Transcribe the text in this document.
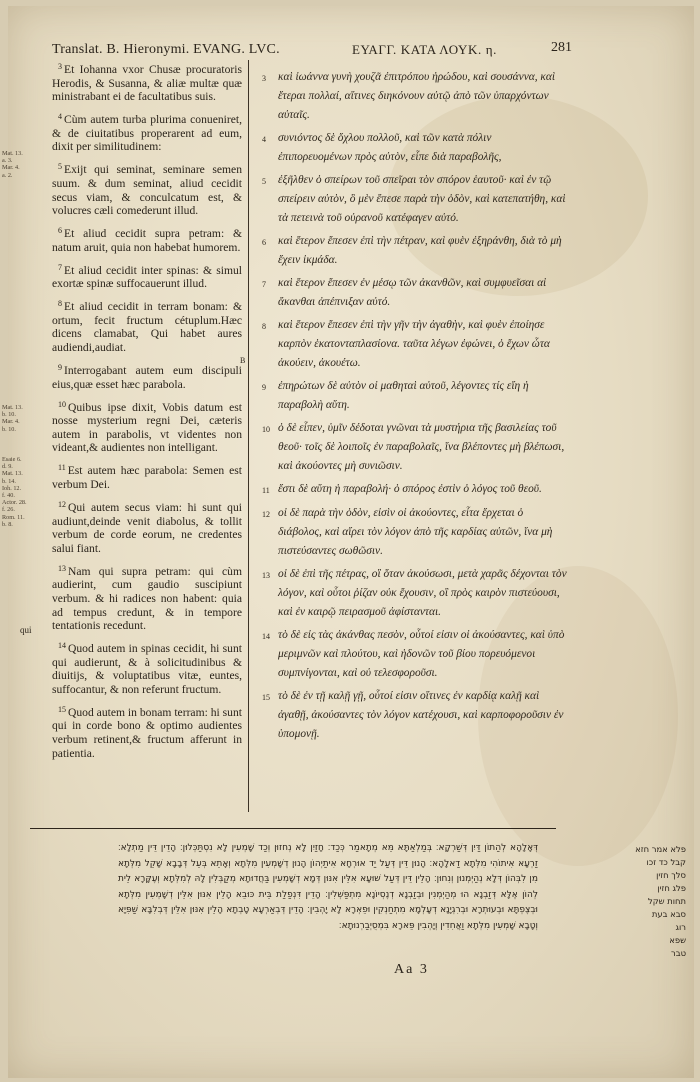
Translat. B. Hieronymi. EVANG. LVC.	ΕΥΑΓΓ. ΚΑΤΑ ΛΟΥΚ. η.	281
Mat. 13.
a. 3.
Mar. 4.
a. 2.
Mat. 13.
b. 10.
Mar. 4.
b. 10.
Esaie 6.
d. 9.
Mat. 13.
b. 14.
Ioh. 12.
f. 40.
Actor. 28.
f. 26.
Rom. 11.
b. 8.
qui
B

$^3$ Et Iohanna vxor Chusæ procuratoris Herodis, & Susanna, & aliæ multæ quæ ministrabant ei de facultatibus suis.

$^4$ Cùm autem turba plurima conueniret, & de ciuitatibus properarent ad eum, dixit per similitudinem:

$^5$ Exijt qui seminat, seminare semen suum. & dum seminat, aliud cecidit secus viam, & conculcatum est, & volucres cæli comederunt illud.

$^6$ Et aliud cecidit supra petram: & natum aruit, quia non habebat humorem.

$^7$ Et aliud cecidit inter spinas: & simul exortæ spinæ suffocauerunt illud.

$^8$ Et aliud cecidit in terram bonam: & ortum, fecit fructum cétuplum.Hæc dicens clamabat, Qui habet aures audiendi,audiat.

$^9$ Interrogabant autem eum discipuli eius,quæ esset hæc parabola.

$^{10}$ Quibus ipse dixit, Vobis datum est nosse mysterium regni Dei, cæteris autem in parabolis, vt videntes non videant,& audientes non intelligant.

$^{11}$ Est autem hæc parabola: Semen est verbum Dei.

$^{12}$ Qui autem secus viam: hi sunt qui audiunt,deinde venit diabolus, & tollit verbum de corde eorum, ne credentes salui fiant.

$^{13}$ Nam qui supra petram: qui cùm audierint, cum gaudio suscipiunt verbum. & hi radices non habent: quia ad tempus credunt, & in tempore tentationis recedunt.

$^{14}$ Quod autem in spinas cecidit, hi sunt qui audierunt, & à solicitudinibus & diuitijs, & voluptatibus vitæ, euntes, suffocantur, & non referunt fructum.

$^{15}$ Quod autem in bonam terram: hi sunt qui in corde bono & optimo audientes verbum retinent,& fructum afferunt in patientia.

3	καὶ ἰωάννα γυνὴ χουζᾶ ἐπιτρόπου ἡρώδου, καὶ σουσάννα, καὶ ἕτεραι πολλαί, αἵτινες διηκόνουν αὐτῷ ἀπὸ τῶν ὑπαρχόντων αὐταῖς.
4	συνιόντος δὲ ὄχλου πολλοῦ, καὶ τῶν κατὰ πόλιν ἐπιπορευομένων πρὸς αὐτὸν, εἶπε διὰ παραβολῆς,
5	ἐξῆλθεν ὁ σπείρων τοῦ σπεῖραι τὸν σπόρον ἑαυτοῦ· καὶ ἐν τῷ σπείρειν αὐτὸν, ὃ μὲν ἔπεσε παρὰ τὴν ὁδὸν, καὶ κατεπατήθη, καὶ τὰ πετεινὰ τοῦ οὐρανοῦ κατέφαγεν αὐτό.
6	καὶ ἕτερον ἔπεσεν ἐπὶ τὴν πέτραν, καὶ φυὲν ἐξηράνθη, διὰ τὸ μὴ ἔχειν ἰκμάδα.
7	καὶ ἕτερον ἔπεσεν ἐν μέσῳ τῶν ἀκανθῶν, καὶ συμφυεῖσαι αἱ ἄκανθαι ἀπέπνιξαν αὐτό.
8	καὶ ἕτερον ἔπεσεν ἐπὶ τὴν γῆν τὴν ἀγαθὴν, καὶ φυὲν ἐποίησε καρπὸν ἑκατονταπλασίονα. ταῦτα λέγων ἐφώνει, ὁ ἔχων ὦτα ἀκούειν, ἀκουέτω.
9	ἐπηρώτων δὲ αὐτὸν οἱ μαθηταὶ αὐτοῦ, λέγοντες τίς εἴη ἡ παραβολὴ αὕτη.
10 ὁ δὲ εἶπεν, ὑμῖν δέδοται γνῶναι τὰ μυστήρια τῆς βασιλείας τοῦ θεοῦ· τοῖς δὲ λοιποῖς ἐν παραβολαῖς, ἵνα βλέποντες μὴ βλέπωσι, καὶ ἀκούοντες μὴ συνιῶσιν.
11 ἔστι δὲ αὕτη ἡ παραβολή· ὁ σπόρος ἐστὶν ὁ λόγος τοῦ θεοῦ.
12 οἱ δὲ παρὰ τὴν ὁδὸν, εἰσὶν οἱ ἀκούοντες, εἶτα ἔρχεται ὁ διάβολος, καὶ αἴρει τὸν λόγον ἀπὸ τῆς καρδίας αὐτῶν, ἵνα μὴ πιστεύσαντες σωθῶσιν.
13 οἱ δὲ ἐπὶ τῆς πέτρας, οἳ ὅταν ἀκούσωσι, μετὰ χαρᾶς δέχονται τὸν λόγον, καὶ οὗτοι ῥίζαν οὐκ ἔχουσιν, οἳ πρὸς καιρὸν πιστεύουσι, καὶ ἐν καιρῷ πειρασμοῦ ἀφίστανται.
14 τὸ δὲ εἰς τὰς ἀκάνθας πεσὸν, οὗτοί εἰσιν οἱ ἀκούσαντες, καὶ ὑπὸ μεριμνῶν καὶ πλούτου, καὶ ἡδονῶν τοῦ βίου πορευόμενοι συμπνίγονται, καὶ οὐ τελεσφοροῦσι.
15 τὸ δὲ ἐν τῇ καλῇ γῇ, οὗτοί εἰσιν οἵτινες ἐν καρδίᾳ καλῇ καὶ ἀγαθῇ, ἀκούσαντες τὸν λόγον κατέχουσι, καὶ καρποφοροῦσιν ἐν ὑπομονῇ.
דְּאָלָהָא לְהַתוֹן דַּיִן דְּשַׁרְקָא׃ בְּמַלְאַתָּא מֵּא מְתָאמַר כְּכַד׃ חָזַיִן לָא נְחזוּן וְכַד שָׁמְעִין לָא נִסְתַּכְּלוּן׃ הָדֵין דֵּין מַתְלָא׃ זַרְעָא אִיתוֹהִי מִלְּתָא דַאלָהָא׃ הָנוּן דֵּין דְּעַל יַד אוּרְחָא אִיתַיְהוֹן הָנוּן דְשָׁמְעִין מִלְּתָא וְאָתֵא בְּעֵל דְּבָבָא שָׁקֵל מִלְּתָא מִן לִבְּהוֹן דְּלָא נְהַיְמְנוּן וְנִחוּן׃ הָלֵין דֵּין דְּעַל שׁוּעָא אִלֵּין אִנּוּן דְּמָא דְשָׁמְעִין בַּחֲדוּתָא מְקַבְּלִין לָהּ לְמִלְּתָא וְעֶקָּרָא לֵית לְהוֹן אֶלָּא דְּזַבְנָא הוּ מְהַיְמְנִין וּבְזַבְנָא דְנֶסְיוֹנָא מִתְפַּשְׁלִין׃ הָדֵין דִּנְפַלַת בֵּית כּוּבֵא הָלֵין אִנּוּן אִלֵּין דְשָׁמְעִין מִלְּתָא וּבְצֶפְתָּא וּבְעוּתְרָא וּבְרִגְיָנָא דְעָלְמָא מִתְחַנְקִין וּפֵאְרָא לָא יָהְבִין׃ הָדֵין דְּבְאַרְעָא טָבְתָא הָלֵין אִנּוּן אִלֵּין דְּבְלִבָּא שַׁפִּיָא וְטָבָא שָׁמְעִין מִלְּתָא וַאֲחִדִין וְיָהְבִין פֵּארָא בִּמְסֻיְבַרְנוּתָא׃
פלא אמר חזא
קבל כד זכו
סלך חזין
פלג חזין
תחות שקל
סבא בעת
רוג
שפא
טבר
Aa 3
